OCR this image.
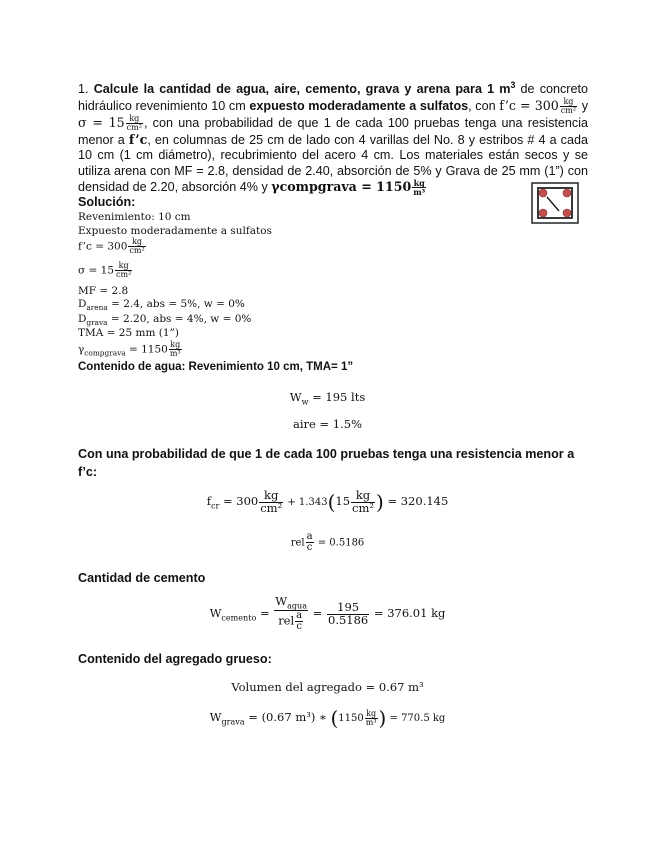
1. Calcule la cantidad de agua, aire, cemento, grava y arena para 1 $m^3$ de concreto hidráulico revenimiento 10 cm expuesto moderadamente a sulfatos, con f’c = $300 \frac{kg}{\text{cm²}}$ y $\sigma = 15 \frac{kg}{\text{cm²}}$ , con una probabilidad de que 1 de cada 100 pruebas tenga una resistencia menor a f’c, en columnas de 25 cm de lado con 4 varillas del No. 8 y estribos # 4 a cada 10 cm (1 cm diámetro), recubrimiento del acero 4 cm. Los materiales están secos y se utiliza arena con MF = 2.8, densidad de 2.40, absorción de 5% y Grava de 25 mm (1”) con densidad de 2.20, absorción 4% y γcompgrava = $1150 \frac{kg}{\text{m³}}$
Solución:
Revenimiento: 10 cm
Expuesto moderadamente a sulfatos
f’c = $300 \frac{kg}{\text{cm²}}$
$\sigma = 15 \frac{kg}{\text{cm²}}$
MF = 2.8
$D_{arena} = 2.4$, abs = 5%, w = 0%
$D_{grava} = 2.20$, abs = 4%, w = 0%
TMA = 25 mm (1”)
$\gamma_{compgrava} = 1150 \frac{kg}{\text{m³}}$
Contenido de agua: Revenimiento 10 cm, TMA= 1”
$W_w = 195$ lts
aire = 1.5%
Con una probabilidad de que 1 de cada 100 pruebas tenga una resistencia menor a f’c:
$f_{cr} = 300 \frac{kg}{\text{cm²}} + 1.343(15 \frac{kg}{\text{cm²}}$ ) = 320.145
rel $\frac{a}{c} = 0.5186$
Cantidad de cemento
$W_{cemento} = \frac{W_{agua}}{rel \frac{a}{c}} = \frac{195}{0.5186} = 376.01$ kg
Contenido del agregado grueso:
Volumen del agregado = 0.67 m³
$W_{grava} = (0.67$ m³) ∗ ($1150 \frac{kg}{\text{m³}}$ ) = 770.5 kg
